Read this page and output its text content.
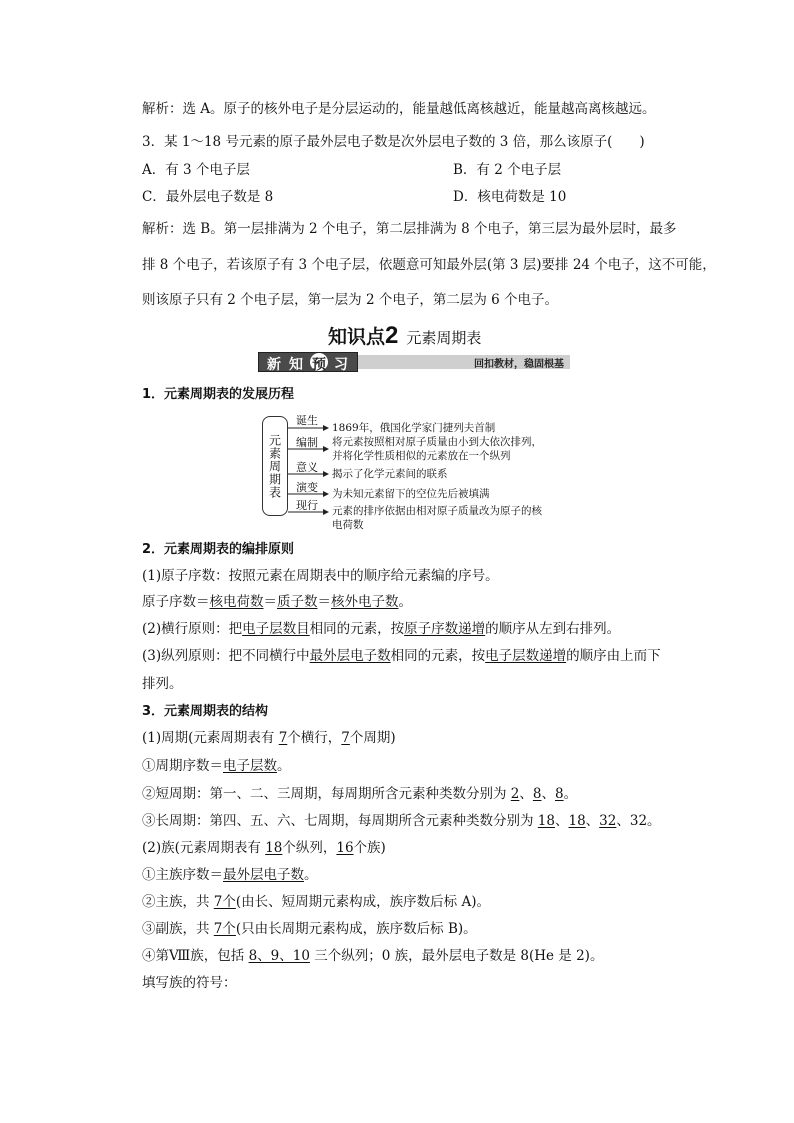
解析：选 A。原子的核外电子是分层运动的，能量越低离核越近，能量越高离核越远。
3．某 1～18 号元素的原子最外层电子数是次外层电子数的 3 倍，那么该原子(　　)
A．有 3 个电子层	B．有 2 个电子层
C．最外层电子数是 8	D．核电荷数是 10
解析：选 B。第一层排满为 2 个电子，第二层排满为 8 个电子，第三层为最外层时，最多
排 8 个电子，若该原子有 3 个电子层，依题意可知最外层(第 3 层)要排 24 个电子，这不可能，
则该原子只有 2 个电子层，第一层为 2 个电子，第二层为 6 个电子。
知识点2 元素周期表
新 知 预 习	回扣教材，稳固根基
1．元素周期表的发展历程
元素周期表
诞生
编制
意义
演变
现行
1869年，俄国化学家门捷列夫首制
将元素按照相对原子质量由小到大依次排列，
并将化学性质相似的元素放在一个纵列
揭示了化学元素间的联系
为未知元素留下的空位先后被填满
元素的排序依据由相对原子质量改为原子的核
电荷数
2．元素周期表的编排原则
(1)原子序数：按照元素在周期表中的顺序给元素编的序号。
原子序数＝核电荷数＝质子数＝核外电子数。
(2)横行原则：把电子层数目相同的元素，按原子序数递增的顺序从左到右排列。
(3)纵列原则：把不同横行中最外层电子数相同的元素，按电子层数递增的顺序由上而下
排列。
3．元素周期表的结构
(1)周期(元素周期表有 7个横行，7个周期)
①周期序数＝电子层数。
②短周期：第一、二、三周期，每周期所含元素种类数分别为 2、8、8。
③长周期：第四、五、六、七周期，每周期所含元素种类数分别为 18、18、32、32。
(2)族(元素周期表有 18个纵列，16个族)
①主族序数＝最外层电子数。
②主族，共 7个(由长、短周期元素构成，族序数后标 A)。
③副族，共 7个(只由长周期元素构成，族序数后标 B)。
④第Ⅷ族，包括 8、9、10 三个纵列；0 族，最外层电子数是 8(He 是 2)。
填写族的符号：
